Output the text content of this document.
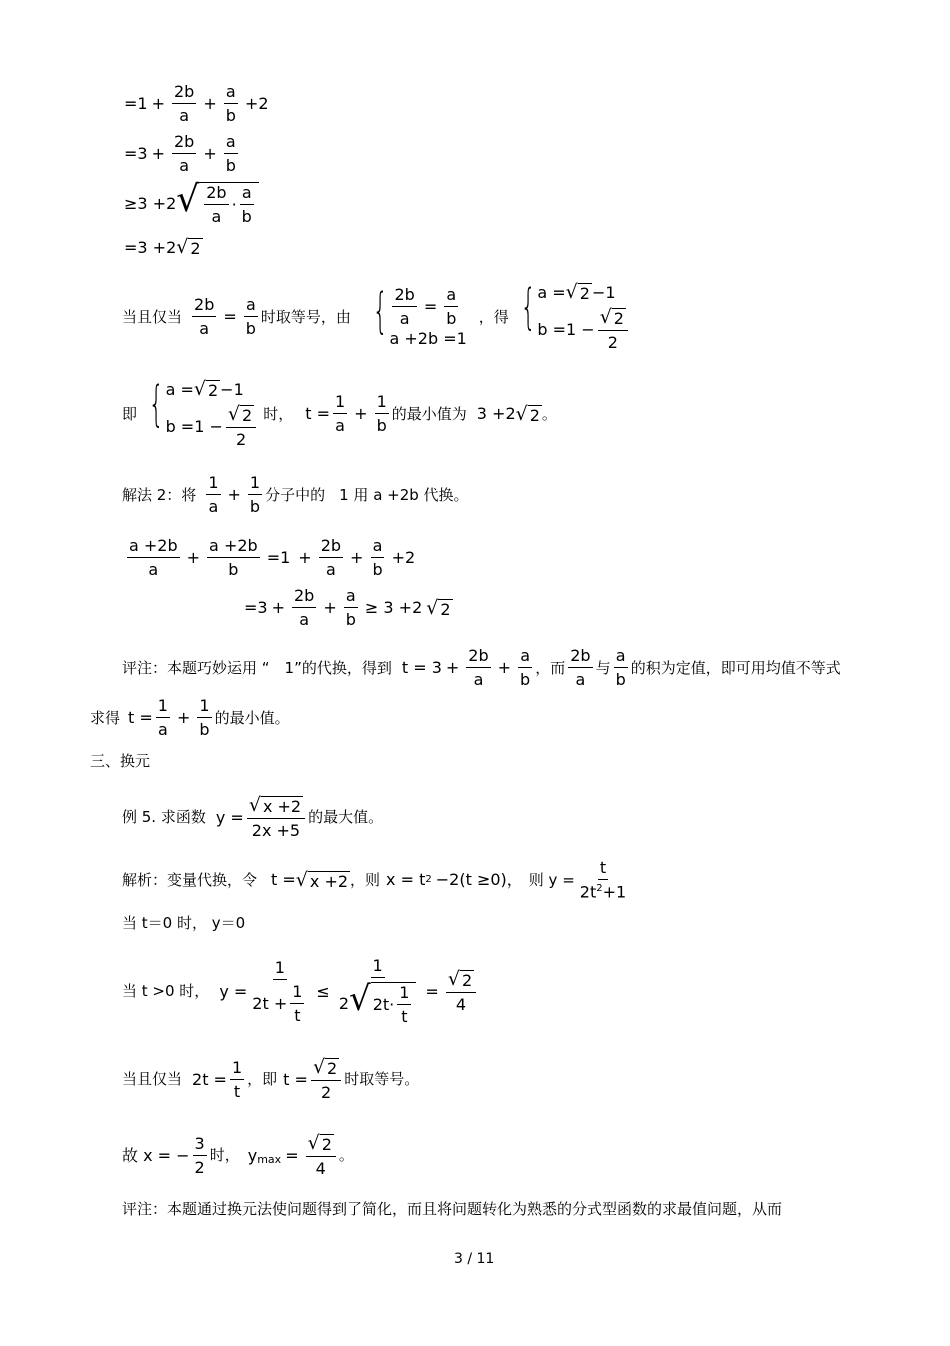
$=1 + \frac{2b}{a} + \frac{a}{b} +2$
$=3 + \frac{2b}{a} + \frac{a}{b}$
≥3 +2 √ $\frac{2b}{a} \cdot \frac{a}{b}$
=3 +2 √ 2
当且仅当 $\frac{2b}{a} = \frac{a}{b}$ 时取等号，由 { $\frac{2b}{a} = \frac{a}{b}$
a +2b =1
，得 { a = √ 2 −1
$b =1 - \frac{√ 2}{2}$
即 { a = √ 2 −1
$b =1 - \frac{√ 2}{2}$ 时， $t = \frac{1}{a} + \frac{1}{b}$ 的最小值为 3 +2 √ 2 。
解法 2：将 $\frac{1}{a} + \frac{1}{b}$ 分子中的 1 用 a +2b 代换。
$\frac{a +2b}{a} + \frac{a +2b}{b} =1 + \frac{2b}{a} + \frac{a}{b} +2$
$=3 + \frac{2b}{a} + \frac{a}{b} \ge 3 +2$ √ 2
评注：本题巧妙运用 “　1”的代换，得到 $t = 3 + \frac{2b}{a} + \frac{a}{b}$ ，而 $\frac{2b}{a}$ 与 $\frac{a}{b}$ 的积为定值，即可用均值不等式
求得 $t = \frac{1}{a} + \frac{1}{b}$ 的最小值。
三、换元
例 5. 求函数 $y = \frac{√ x +2}{2x +5}$ 的最大值。
解析：变量代换，令 t = √ x +2 ，则 x = t 2 −2(t ≥0)， 则 $y = \frac{t}{2t^2+1}$
当 t＝0 时， y＝0
当 t >0 时， $y = \frac{1}{2t + \frac{1}{t}} \le \frac{1}{2 √ 2t\cdot \frac{1}{t}} = \frac{√ 2}{4}$
当且仅当 $2t = \frac{1}{t}$ ，即 $t = \frac{√ 2}{2}$ 时取等号。
故 x = − $\frac{3}{2}$ 时， y $\max = \frac{√ 2}{4}$ 。
评注：本题通过换元法使问题得到了简化，而且将问题转化为熟悉的分式型函数的求最值问题，从而
3 / 11
